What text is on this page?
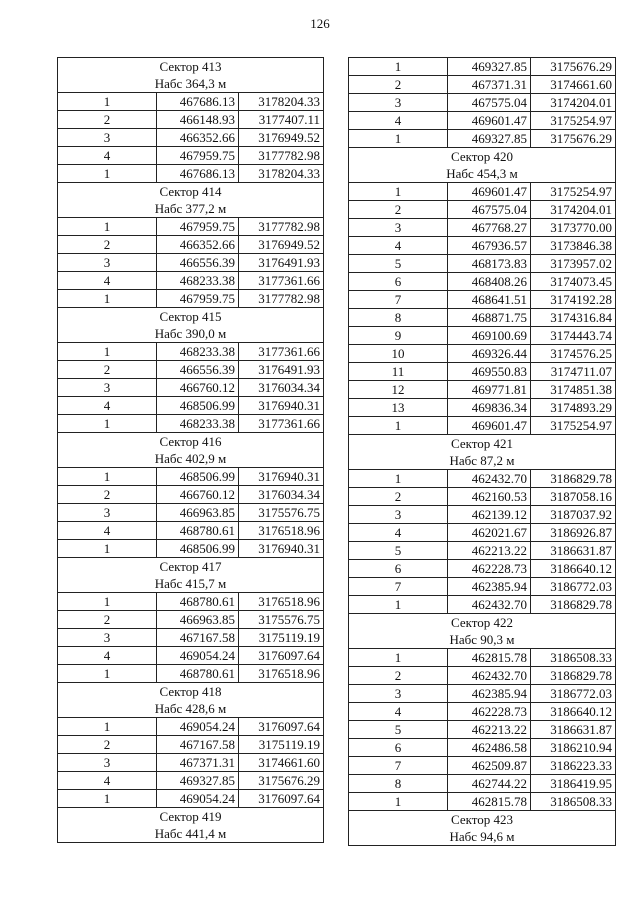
126
Сектор 413		
Набс 364,3 м		
1	467686.13	3178204.33
2	466148.93	3177407.11
3	466352.66	3176949.52
4	467959.75	3177782.98
1	467686.13	3178204.33
Сектор 414		
Набс 377,2 м		
1	467959.75	3177782.98
2	466352.66	3176949.52
3	466556.39	3176491.93
4	468233.38	3177361.66
1	467959.75	3177782.98
Сектор 415		
Набс 390,0 м		
1	468233.38	3177361.66
2	466556.39	3176491.93
3	466760.12	3176034.34
4	468506.99	3176940.31
1	468233.38	3177361.66
Сектор 416		
Набс 402,9 м		
1	468506.99	3176940.31
2	466760.12	3176034.34
3	466963.85	3175576.75
4	468780.61	3176518.96
1	468506.99	3176940.31
Сектор 417		
Набс 415,7 м		
1	468780.61	3176518.96
2	466963.85	3175576.75
3	467167.58	3175119.19
4	469054.24	3176097.64
1	468780.61	3176518.96
Сектор 418		
Набс 428,6 м		
1	469054.24	3176097.64
2	467167.58	3175119.19
3	467371.31	3174661.60
4	469327.85	3175676.29
1	469054.24	3176097.64
Сектор 419		
Набс 441,4 м		
1	469327.85	3175676.29
2	467371.31	3174661.60
3	467575.04	3174204.01
4	469601.47	3175254.97
1	469327.85	3175676.29
Сектор 420		
Набс 454,3 м		
1	469601.47	3175254.97
2	467575.04	3174204.01
3	467768.27	3173770.00
4	467936.57	3173846.38
5	468173.83	3173957.02
6	468408.26	3174073.45
7	468641.51	3174192.28
8	468871.75	3174316.84
9	469100.69	3174443.74
10	469326.44	3174576.25
11	469550.83	3174711.07
12	469771.81	3174851.38
13	469836.34	3174893.29
1	469601.47	3175254.97
Сектор 421		
Набс 87,2 м		
1	462432.70	3186829.78
2	462160.53	3187058.16
3	462139.12	3187037.92
4	462021.67	3186926.87
5	462213.22	3186631.87
6	462228.73	3186640.12
7	462385.94	3186772.03
1	462432.70	3186829.78
Сектор 422		
Набс 90,3 м		
1	462815.78	3186508.33
2	462432.70	3186829.78
3	462385.94	3186772.03
4	462228.73	3186640.12
5	462213.22	3186631.87
6	462486.58	3186210.94
7	462509.87	3186223.33
8	462744.22	3186419.95
1	462815.78	3186508.33
Сектор 423		
Набс 94,6 м		
